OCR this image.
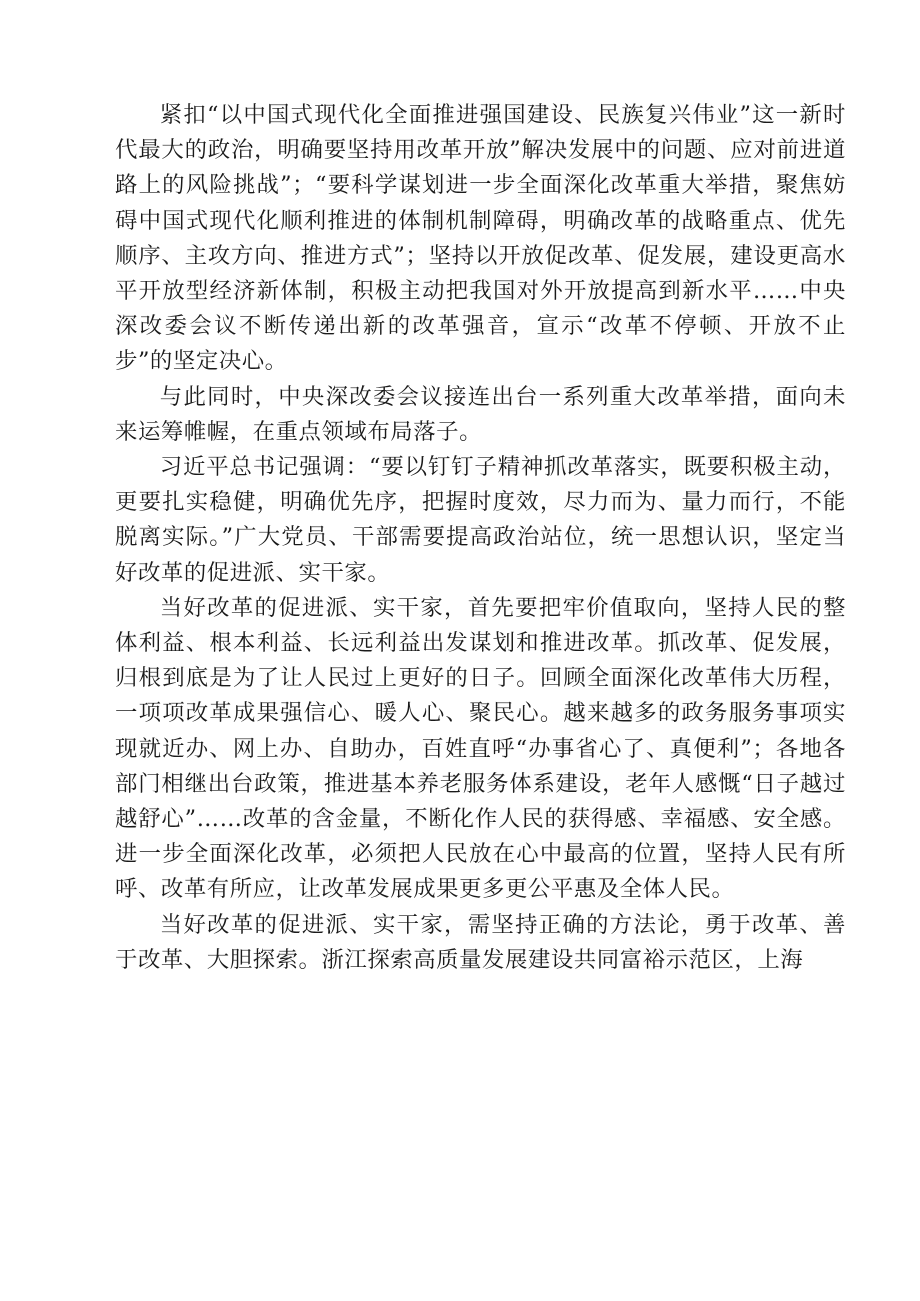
紧扣“以中国式现代化全面推进强国建设、民族复兴伟业”这一新时代最大的政治，明确要坚持用改革开放”解决发展中的问题、应对前进道路上的风险挑战”；“要科学谋划进一步全面深化改革重大举措，聚焦妨碍中国式现代化顺利推进的体制机制障碍，明确改革的战略重点、优先顺序、主攻方向、推进方式”；坚持以开放促改革、促发展，建设更高水平开放型经济新体制，积极主动把我国对外开放提高到新水平……中央深改委会议不断传递出新的改革强音，宣示“改革不停顿、开放不止步”的坚定决心。

与此同时，中央深改委会议接连出台一系列重大改革举措，面向未来运筹帷幄，在重点领域布局落子。

习近平总书记强调：“要以钉钉子精神抓改革落实，既要积极主动，更要扎实稳健，明确优先序，把握时度效，尽力而为、量力而行，不能脱离实际。”广大党员、干部需要提高政治站位，统一思想认识，坚定当好改革的促进派、实干家。

当好改革的促进派、实干家，首先要把牢价值取向，坚持人民的整体利益、根本利益、长远利益出发谋划和推进改革。抓改革、促发展，归根到底是为了让人民过上更好的日子。回顾全面深化改革伟大历程，一项项改革成果强信心、暖人心、聚民心。越来越多的政务服务事项实现就近办、网上办、自助办，百姓直呼“办事省心了、真便利”；各地各部门相继出台政策，推进基本养老服务体系建设，老年人感慨“日子越过越舒心”……改革的含金量，不断化作人民的获得感、幸福感、安全感。进一步全面深化改革，必须把人民放在心中最高的位置，坚持人民有所呼、改革有所应，让改革发展成果更多更公平惠及全体人民。

当好改革的促进派、实干家，需坚持正确的方法论，勇于改革、善于改革、大胆探索。浙江探索高质量发展建设共同富裕示范区，上海
